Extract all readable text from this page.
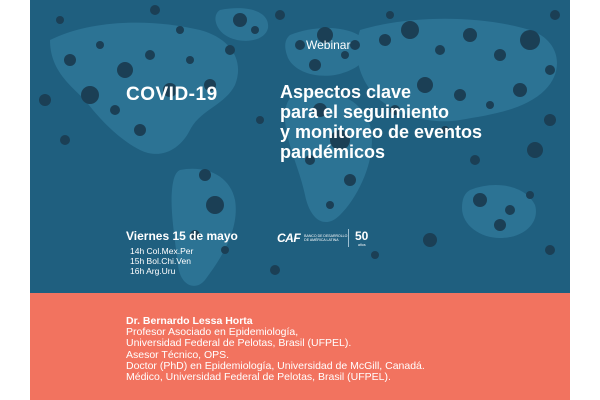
Webinar
COVID-19	Aspectos clave
para el seguimiento
y monitoreo de eventos
pandémicos
Viernes 15 de mayo
14h Col.Mex.Per
15h Bol.Chi.Ven
16h Arg.Uru
CAF BANCO DE DESARROLLO DE AMÉRICA LATINA	50
años
Dr. Bernardo Lessa Horta
Profesor Asociado en Epidemiología,
Universidad Federal de Pelotas, Brasil (UFPEL).
Asesor Técnico, OPS.
Doctor (PhD) en Epidemiología, Universidad de McGill, Canadá.
Médico, Universidad Federal de Pelotas, Brasil (UFPEL).
